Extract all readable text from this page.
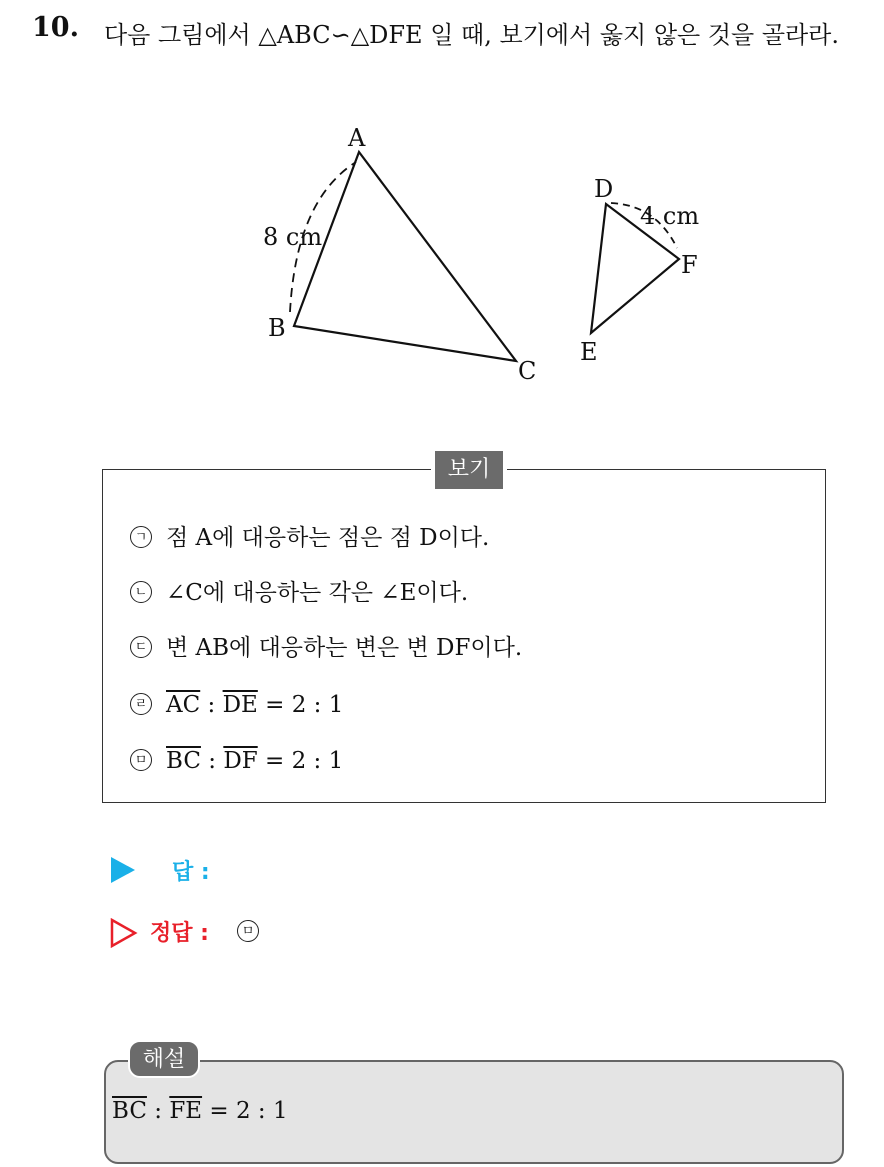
10. 다음 그림에서 △ABC∽△DFE 일 때, 보기에서 옳지 않은 것을 골라라.
A
B
C
D
E
F
8 cm
4 cm
보기
ㄱ 점 A에 대응하는 점은 점 D이다.
ㄴ ∠C에 대응하는 각은 ∠E이다.
ㄷ 변 AB에 대응하는 변은 변 DF이다.
ㄹ $\overline{AC}$ : $\overline{DE} = 2$ : 1
ㅁ $\overline{BC}$ : $\overline{DF} = 2$ : 1
답 :
정답 :	ㅁ
해설
$\overline{BC}$ : $\overline{FE} = 2$ : 1
